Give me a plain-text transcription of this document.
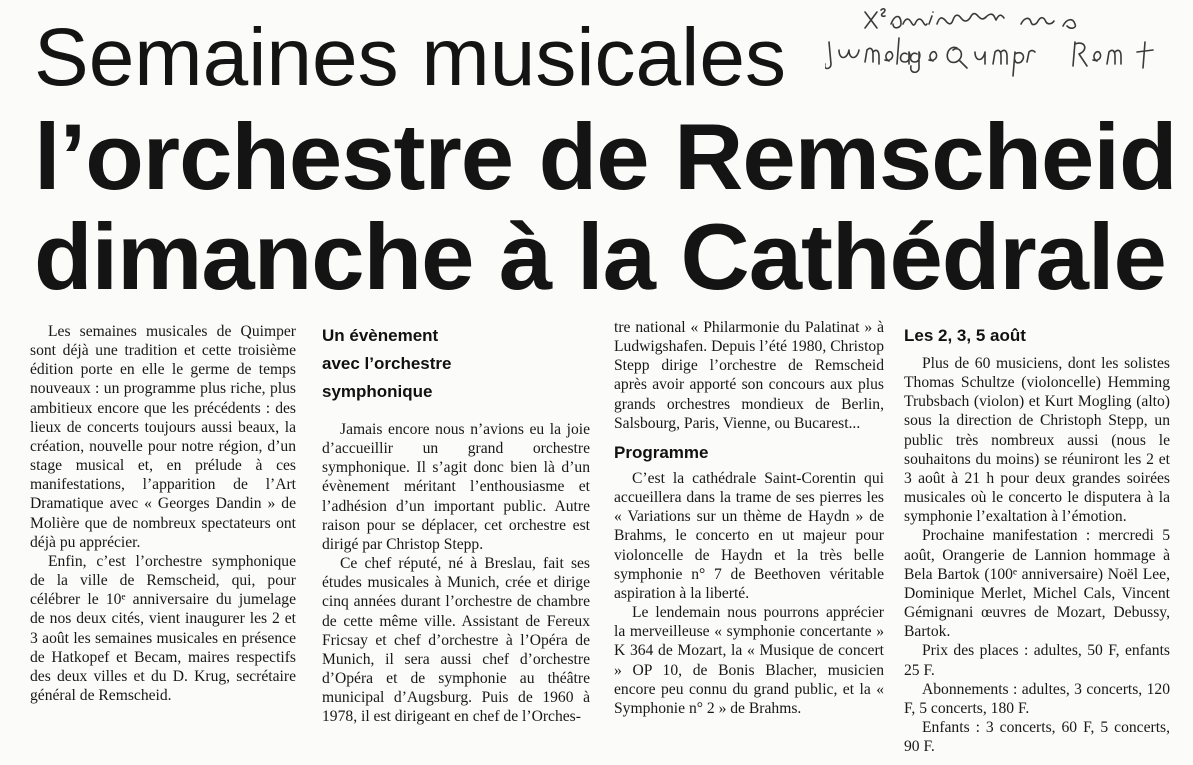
Semaines musicales
l’orchestre de Remscheid
dimanche à la Cathédrale

Les semaines musicales de Quimper sont déjà une tradition et cette troisième édition porte en elle le germe de temps nouveaux : un programme plus riche, plus ambitieux encore que les précédents : des lieux de concerts toujours aussi beaux, la création, nouvelle pour notre région, d’un stage musical et, en prélude à ces manifestations, l’apparition de l’Art Dramatique avec « Georges Dandin » de Molière que de nombreux spectateurs ont déjà pu apprécier.

Enfin, c’est l’orchestre symphonique de la ville de Remscheid, qui, pour célébrer le 10ᵉ anniversaire du jumelage de nos deux cités, vient inaugurer les 2 et 3 août les semaines musicales en présence de Hatkopef et Becam, maires respectifs des deux villes et du D. Krug, secrétaire général de Remscheid.

Un évènement
avec l’orchestre
symphonique

Jamais encore nous n’avions eu la joie d’accueillir un grand orchestre symphonique. Il s’agit donc bien là d’un évènement méritant l’enthousiasme et l’adhésion d’un important public. Autre raison pour se déplacer, cet orchestre est dirigé par Christop Stepp.

Ce chef réputé, né à Breslau, fait ses études musicales à Munich, crée et dirige cinq années durant l’orchestre de chambre de cette même ville. Assistant de Fereux Fricsay et chef d’orchestre à l’Opéra de Munich, il sera aussi chef d’orchestre d’Opéra et de symphonie au théâtre municipal d’Augsburg. Puis de 1960 à 1978, il est dirigeant en chef de l’Orches-

tre national « Philarmonie du Palatinat » à Ludwigshafen. Depuis l’été 1980, Christop Stepp dirige l’orchestre de Remscheid après avoir apporté son concours aux plus grands orchestres mondieux de Berlin, Salsbourg, Paris, Vienne, ou Bucarest...

Programme

C’est la cathédrale Saint-Corentin qui accueillera dans la trame de ses pierres les « Variations sur un thème de Haydn » de Brahms, le concerto en ut majeur pour violoncelle de Haydn et la très belle symphonie n° 7 de Beethoven véritable aspiration à la liberté.

Le lendemain nous pourrons apprécier la merveilleuse « symphonie concertante » K 364 de Mozart, la « Musique de concert » OP 10, de Bonis Blacher, musicien encore peu connu du grand public, et la « Symphonie n° 2 » de Brahms.

Les 2, 3, 5 août

Plus de 60 musiciens, dont les solistes Thomas Schultze (violoncelle) Hemming Trubsbach (violon) et Kurt Mogling (alto) sous la direction de Christoph Stepp, un public très nombreux aussi (nous le souhaitons du moins) se réuniront les 2 et 3 août à 21 h pour deux grandes soirées musicales où le concerto le disputera à la symphonie l’exaltation à l’émotion.

Prochaine manifestation : mercredi 5 août, Orangerie de Lannion hommage à Bela Bartok (100ᵉ anniversaire) Noël Lee, Dominique Merlet, Michel Cals, Vincent Gémignani œuvres de Mozart, Debussy, Bartok.

Prix des places : adultes, 50 F, enfants 25 F.

Abonnements : adultes, 3 concerts, 120 F, 5 concerts, 180 F.

Enfants : 3 concerts, 60 F, 5 concerts, 90 F.
